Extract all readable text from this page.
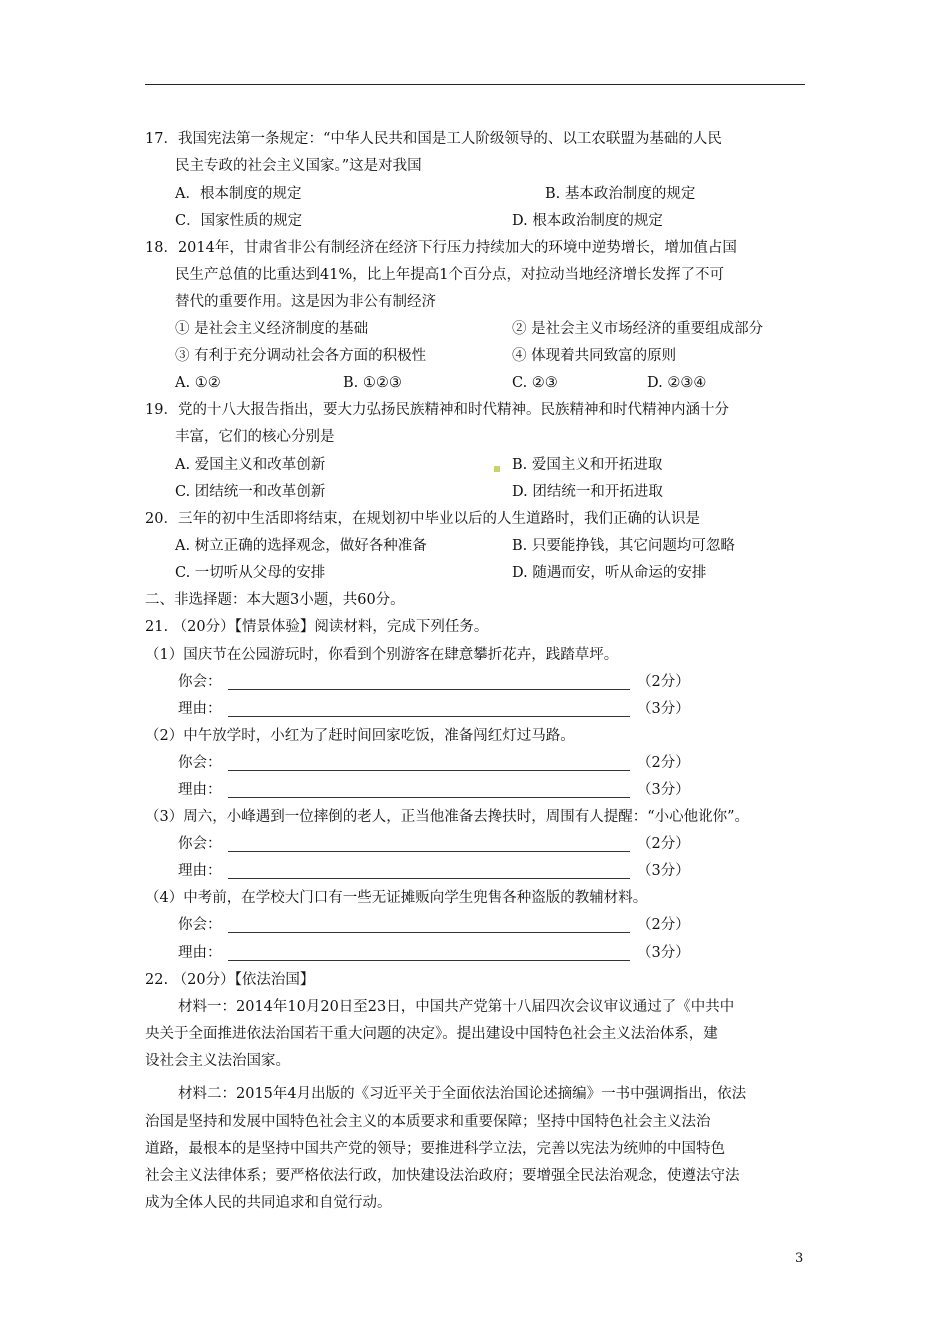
17．我国宪法第一条规定：“中华人民共和国是工人阶级领导的、以工农联盟为基础的人民
民主专政的社会主义国家。”这是对我国
A．根本制度的规定	B. 基本政治制度的规定
C．国家性质的规定	D. 根本政治制度的规定
18．2014年，甘肃省非公有制经济在经济下行压力持续加大的环境中逆势增长，增加值占国
民生产总值的比重达到41%，比上年提高1个百分点，对拉动当地经济增长发挥了不可
替代的重要作用。这是因为非公有制经济
① 是社会主义经济制度的基础	② 是社会主义市场经济的重要组成部分
③ 有利于充分调动社会各方面的积极性	④ 体现着共同致富的原则
A. ①②	B. ①②③	C. ②③	D. ②③④
19．党的十八大报告指出，要大力弘扬民族精神和时代精神。民族精神和时代精神内涵十分
丰富，它们的核心分别是
A. 爱国主义和改革创新	B. 爱国主义和开拓进取
C. 团结统一和改革创新	D. 团结统一和开拓进取
20．三年的初中生活即将结束，在规划初中毕业以后的人生道路时，我们正确的认识是
A. 树立正确的选择观念，做好各种准备	B. 只要能挣钱，其它问题均可忽略
C. 一切听从父母的安排	D. 随遇而安，听从命运的安排
二、非选择题：本大题3小题，共60分。
21. （20分）【情景体验】阅读材料，完成下列任务。
（1）国庆节在公园游玩时，你看到个别游客在肆意攀折花卉，践踏草坪。
你会：	（2分）
理由：	（3分）
（2）中午放学时，小红为了赶时间回家吃饭，准备闯红灯过马路。
你会：	（2分）
理由：	（3分）
（3）周六，小峰遇到一位摔倒的老人，正当他准备去搀扶时，周围有人提醒：“小心他讹你”。
你会：	（2分）
理由：	（3分）
（4）中考前，在学校大门口有一些无证摊贩向学生兜售各种盗版的教辅材料。
你会：	（2分）
理由：	（3分）
22. （20分）【依法治国】
材料一：2014年10月20日至23日，中国共产党第十八届四次会议审议通过了《中共中
央关于全面推进依法治国若干重大问题的决定》。提出建设中国特色社会主义法治体系，建
设社会主义法治国家。
材料二：2015年4月出版的《习近平关于全面依法治国论述摘编》一书中强调指出，依法
治国是坚持和发展中国特色社会主义的本质要求和重要保障；坚持中国特色社会主义法治
道路，最根本的是坚持中国共产党的领导；要推进科学立法，完善以宪法为统帅的中国特色
社会主义法律体系；要严格依法行政，加快建设法治政府；要增强全民法治观念，使遵法守法
成为全体人民的共同追求和自觉行动。
3
